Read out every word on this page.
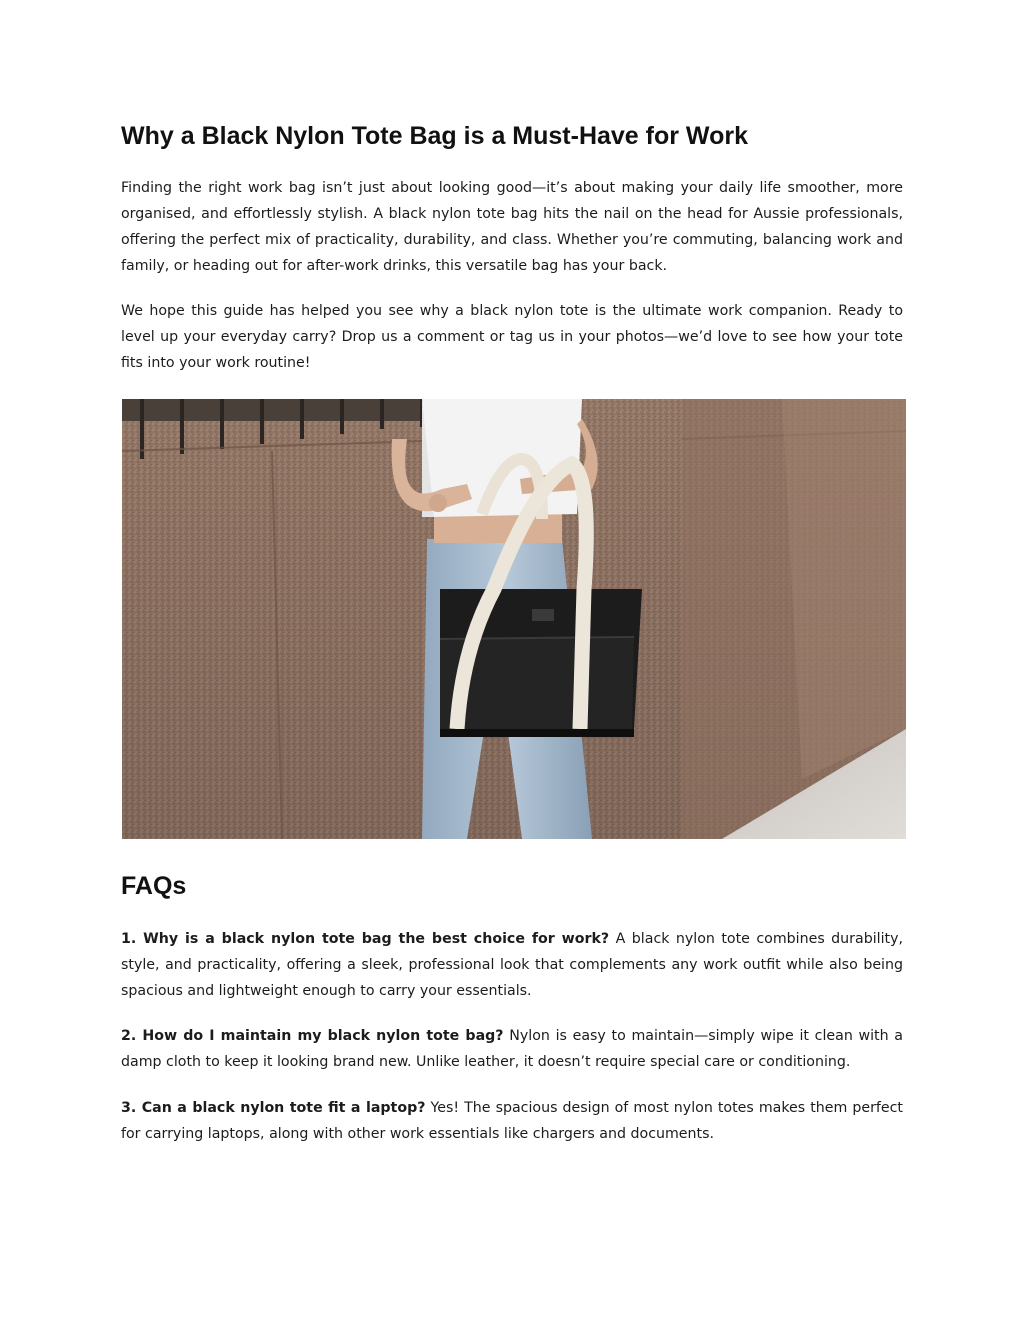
Why a Black Nylon Tote Bag is a Must-Have for Work

Finding the right work bag isn’t just about looking good—it’s about making your daily life smoother, more organised, and effortlessly stylish. A black nylon tote bag hits the nail on the head for Aussie professionals, offering the perfect mix of practicality, durability, and class. Whether you’re commuting, balancing work and family, or heading out for after-work drinks, this versatile bag has your back.

We hope this guide has helped you see why a black nylon tote is the ultimate work companion. Ready to level up your everyday carry? Drop us a comment or tag us in your photos—we’d love to see how your tote fits into your work routine!

FAQs

1. Why is a black nylon tote bag the best choice for work? A black nylon tote combines durability, style, and practicality, offering a sleek, professional look that complements any work outfit while also being spacious and lightweight enough to carry your essentials.

2. How do I maintain my black nylon tote bag? Nylon is easy to maintain—simply wipe it clean with a damp cloth to keep it looking brand new. Unlike leather, it doesn’t require special care or conditioning.

3. Can a black nylon tote fit a laptop? Yes! The spacious design of most nylon totes makes them perfect for carrying laptops, along with other work essentials like chargers and documents.
